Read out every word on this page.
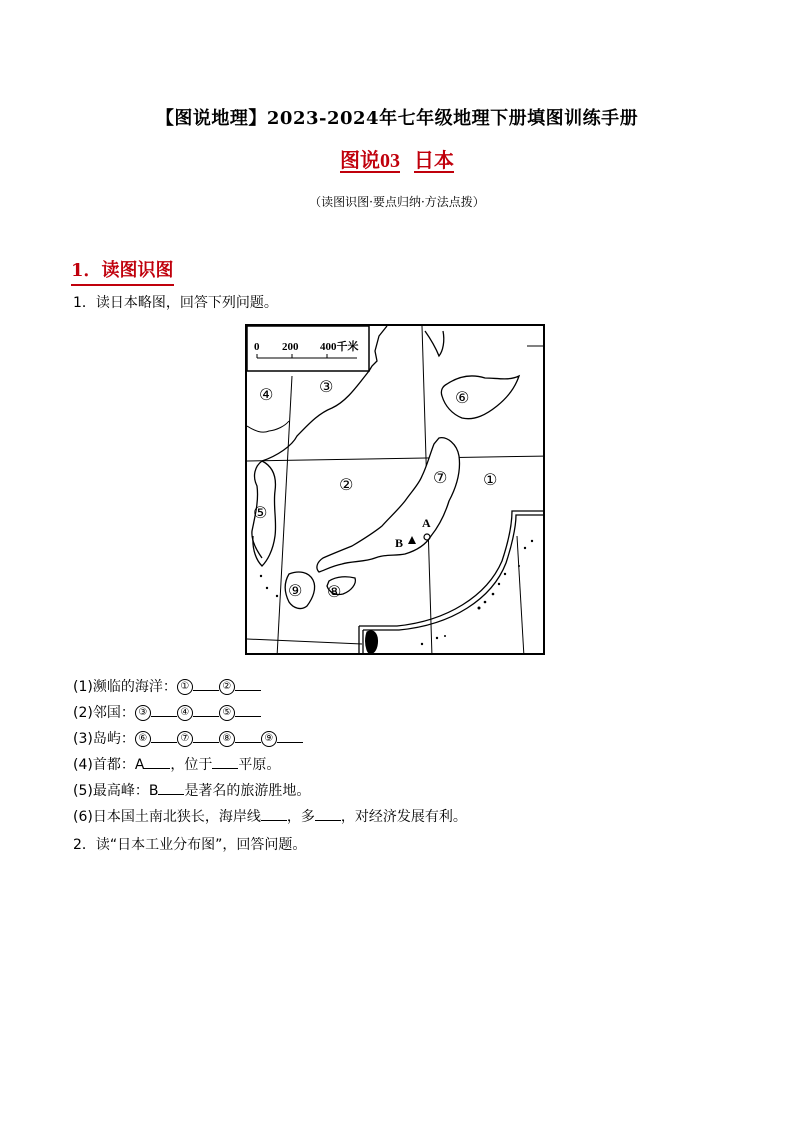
【图说地理】2023-2024年七年级地理下册填图训练手册
图说03 日本
（读图识图·要点归纳·方法点拨）
1．读图识图
1．读日本略图，回答下列问题。
0 200 400千米
A
B
①
②
③
④
⑤
⑥
⑦
⑧
⑨
(1)濒临的海洋： ①	②
(2)邻国： ③	④	⑤
(3)岛屿： ⑥	⑦	⑧	⑨
(4)首都：A ，位于 平原。
(5)最高峰：B 是著名的旅游胜地。
(6)日本国土南北狭长，海岸线 ，多 ，对经济发展有利。
2．读“日本工业分布图”，回答问题。
